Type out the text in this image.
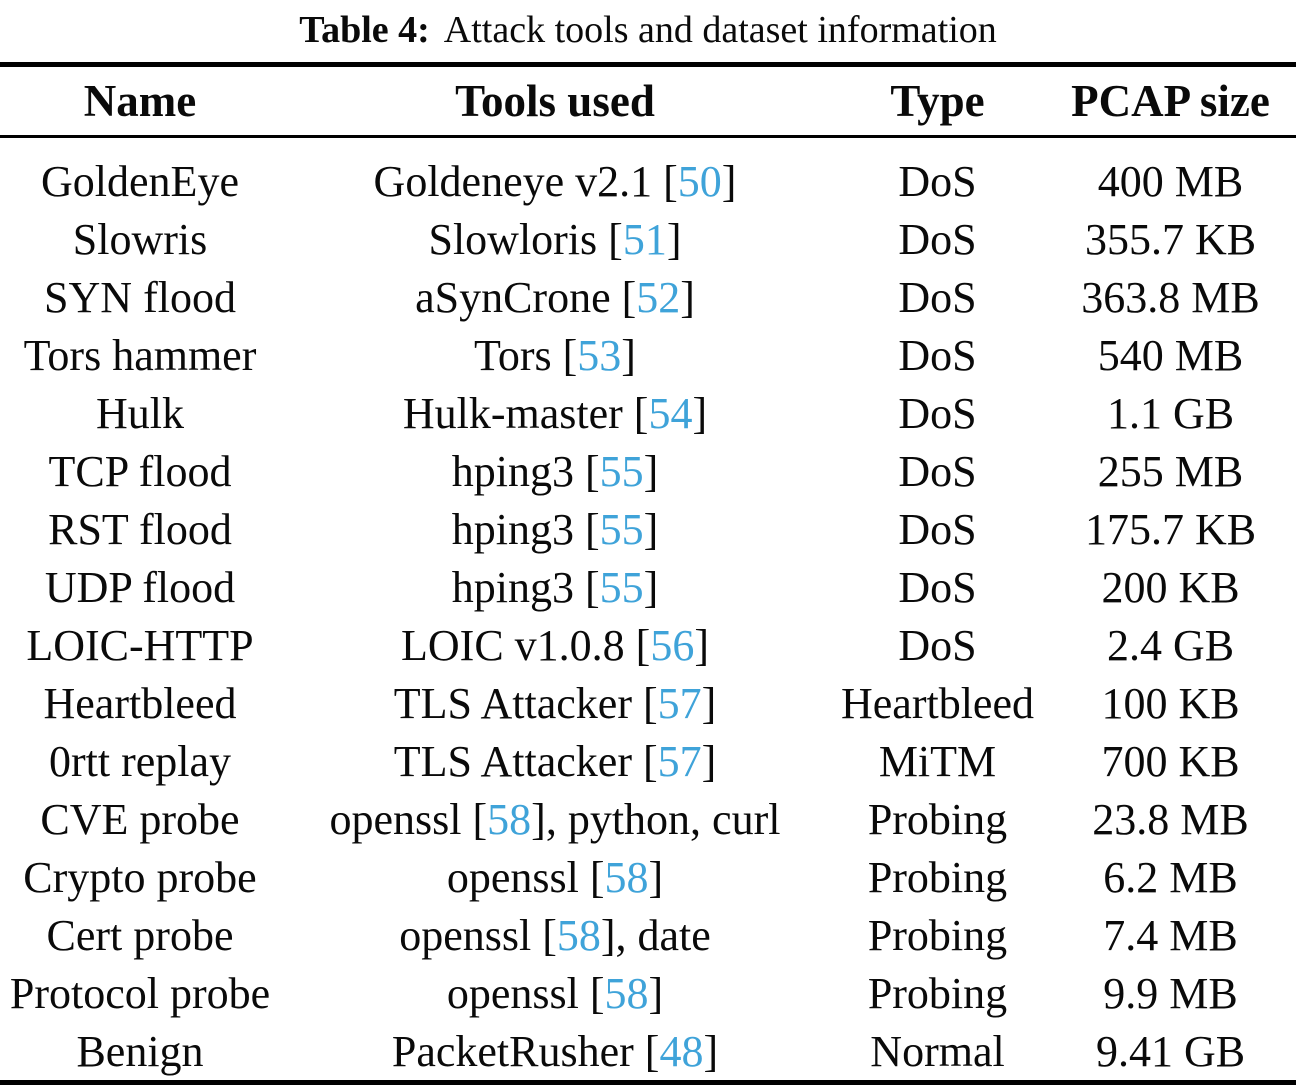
Table 4: Attack tools and dataset information
Name	Tools used	Type	PCAP size
GoldenEye	Goldeneye v2.1 [50]	DoS	400 MB
Slowris	Slowloris [51]	DoS	355.7 KB
SYN flood	aSynCrone [52]	DoS	363.8 MB
Tors hammer	Tors [53]	DoS	540 MB
Hulk	Hulk-master [54]	DoS	1.1 GB
TCP flood	hping3 [55]	DoS	255 MB
RST flood	hping3 [55]	DoS	175.7 KB
UDP flood	hping3 [55]	DoS	200 KB
LOIC-HTTP	LOIC v1.0.8 [56]	DoS	2.4 GB
Heartbleed	TLS Attacker [57]	Heartbleed	100 KB
0rtt replay	TLS Attacker [57]	MiTM	700 KB
CVE probe	openssl [58], python, curl	Probing	23.8 MB
Crypto probe	openssl [58]	Probing	6.2 MB
Cert probe	openssl [58], date	Probing	7.4 MB
Protocol probe	openssl [58]	Probing	9.9 MB
Benign	PacketRusher [48]	Normal	9.41 GB
